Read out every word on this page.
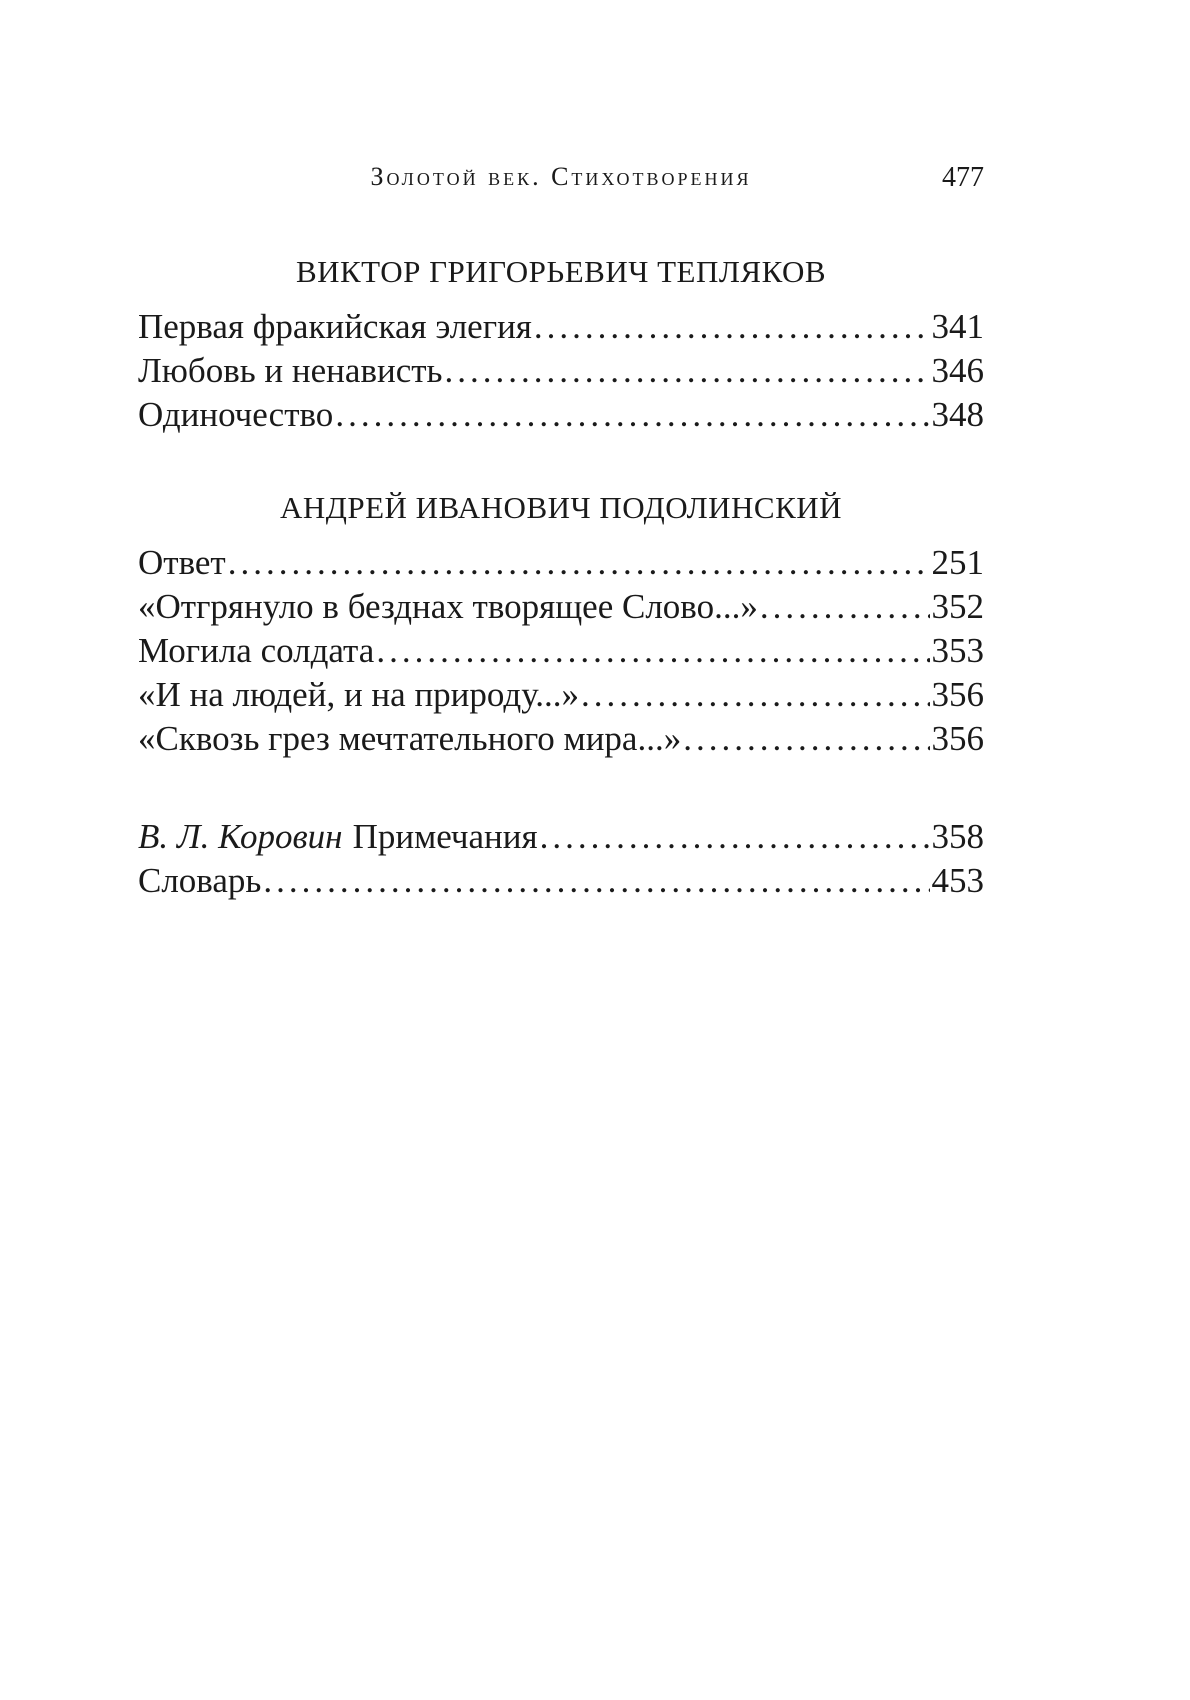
Золотой век. Стихотворения	477
ВИКТОР ГРИГОРЬЕВИЧ ТЕПЛЯКОВ
Первая фракийская элегия .....	341
Любовь и ненависть .....	346
Одиночество .....	348
АНДРЕЙ ИВАНОВИЧ ПОДОЛИНСКИЙ
Ответ .....	251
«Отгрянуло в безднах творящее Слово...» .....	352
Могила солдата .....	353
«И на людей, и на природу...» .....	356
«Сквозь грез мечтательного мира...» .....	356
В. Л. Коровин Примечания .....	358
Словарь .....	453
